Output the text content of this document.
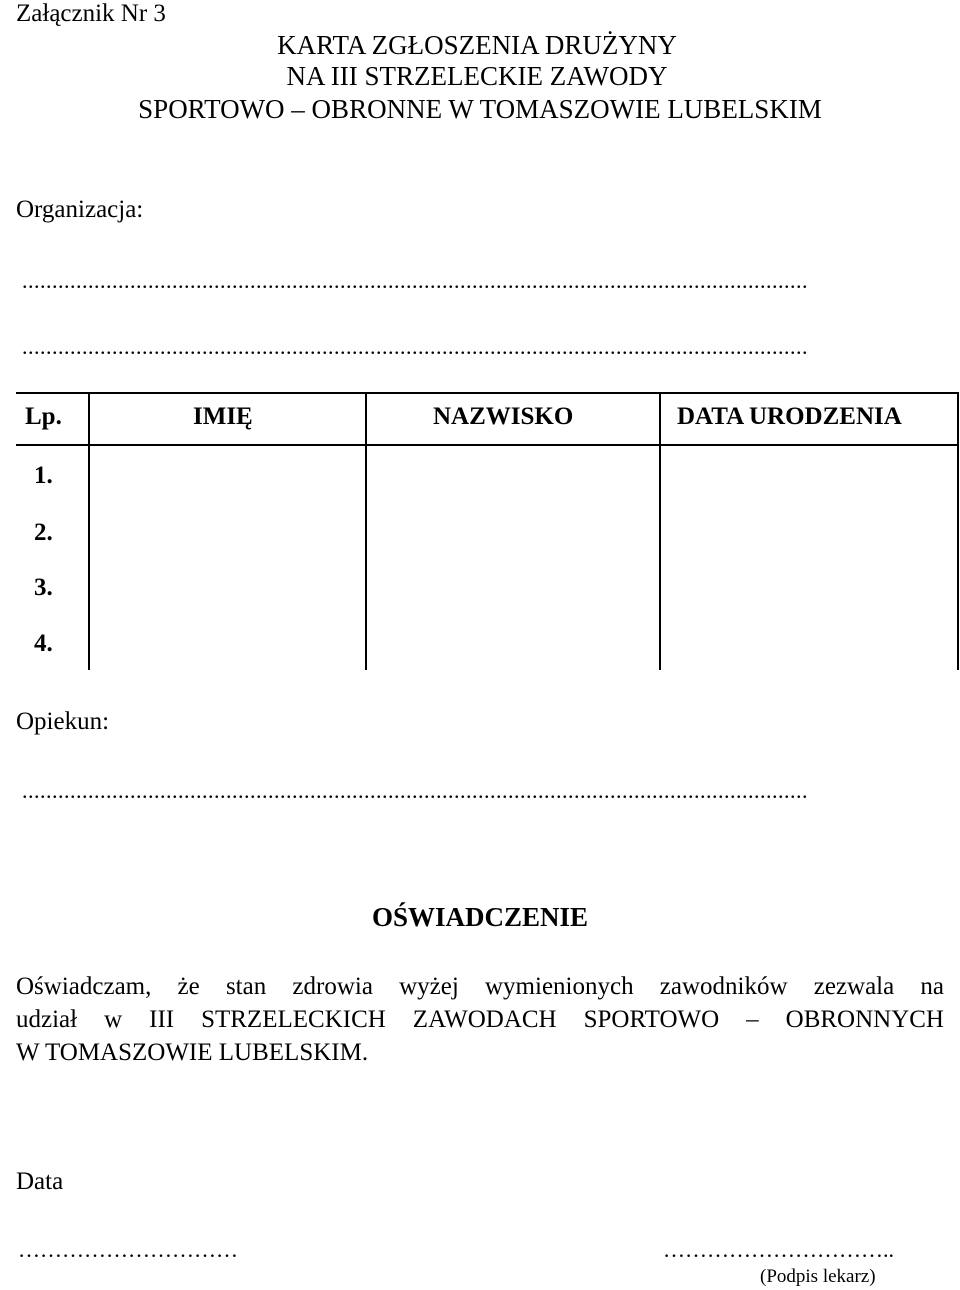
Załącznik Nr 3
KARTA ZGŁOSZENIA DRUŻYNY
NA III STRZELECKIE ZAWODY
SPORTOWO – OBRONNE W TOMASZOWIE LUBELSKIM
Organizacja:
...................................................................................................................................
...................................................................................................................................
Lp.	IMIĘ	NAZWISKO	DATA URODZENIA
1.
2.
3.
4.
Opiekun:
...................................................................................................................................
OŚWIADCZENIE
Oświadczam, że stan zdrowia wyżej wymienionych zawodników zezwala na
udział w III STRZELECKICH ZAWODACH SPORTOWO – OBRONNYCH
W TOMASZOWIE LUBELSKIM.
Data
…………………………	…………………………..
(Podpis lekarz)
